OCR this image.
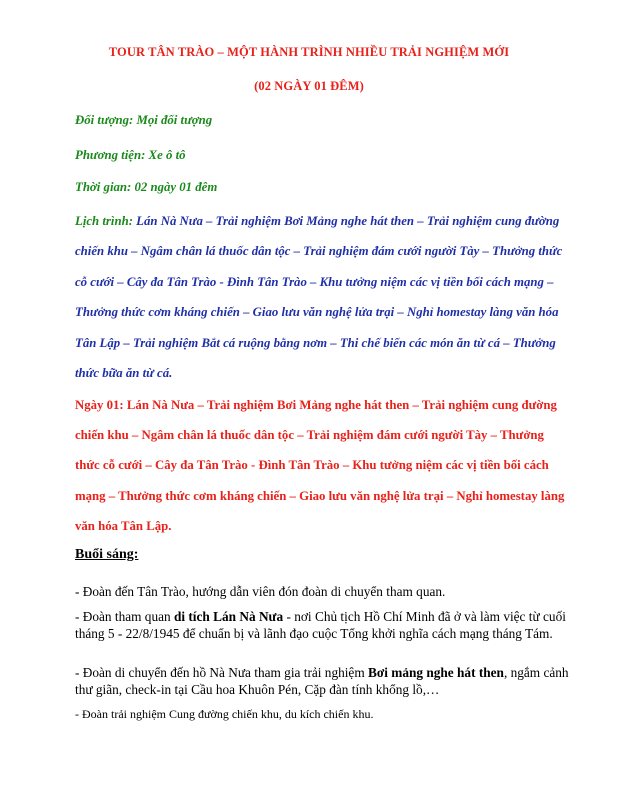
TOUR TÂN TRÀO – MỘT HÀNH TRÌNH NHIỀU TRẢI NGHIỆM MỚI
(02 NGÀY 01 ĐÊM)
Đối tượng: Mọi đối tượng
Phương tiện: Xe ô tô
Thời gian: 02 ngày 01 đêm
Lịch trình: Lán Nà Nưa – Trải nghiệm Bơi Mảng nghe hát then – Trải nghiệm cung đường
chiến khu – Ngâm chân lá thuốc dân tộc – Trải nghiệm đám cưới người Tày – Thưởng thức
cỗ cưới – Cây đa Tân Trào - Đình Tân Trào – Khu tưởng niệm các vị tiền bối cách mạng –
Thưởng thức cơm kháng chiến – Giao lưu văn nghệ lửa trại – Nghỉ homestay làng văn hóa
Tân Lập – Trải nghiệm Bắt cá ruộng bằng nơm – Thi chế biến các món ăn từ cá – Thưởng
thức bữa ăn từ cá.
Ngày 01: Lán Nà Nưa – Trải nghiệm Bơi Mảng nghe hát then – Trải nghiệm cung đường
chiến khu – Ngâm chân lá thuốc dân tộc – Trải nghiệm đám cưới người Tày – Thưởng
thức cỗ cưới – Cây đa Tân Trào - Đình Tân Trào – Khu tưởng niệm các vị tiền bối cách
mạng – Thưởng thức cơm kháng chiến – Giao lưu văn nghệ lửa trại – Nghỉ homestay làng
văn hóa Tân Lập.
Buổi sáng:
- Đoàn đến Tân Trào, hướng dẫn viên đón đoàn di chuyển tham quan.
- Đoàn tham quan di tích Lán Nà Nưa - nơi Chủ tịch Hồ Chí Minh đã ở và làm việc từ cuối tháng 5 - 22/8/1945 để chuẩn bị và lãnh đạo cuộc Tổng khởi nghĩa cách mạng tháng Tám.
- Đoàn di chuyển đến hồ Nà Nưa tham gia trải nghiệm Bơi mảng nghe hát then, ngắm cảnh thư giãn, check-in tại Cầu hoa Khuôn Pén, Cặp đàn tính khổng lồ,…
- Đoàn trải nghiệm Cung đường chiến khu, du kích chiến khu.
